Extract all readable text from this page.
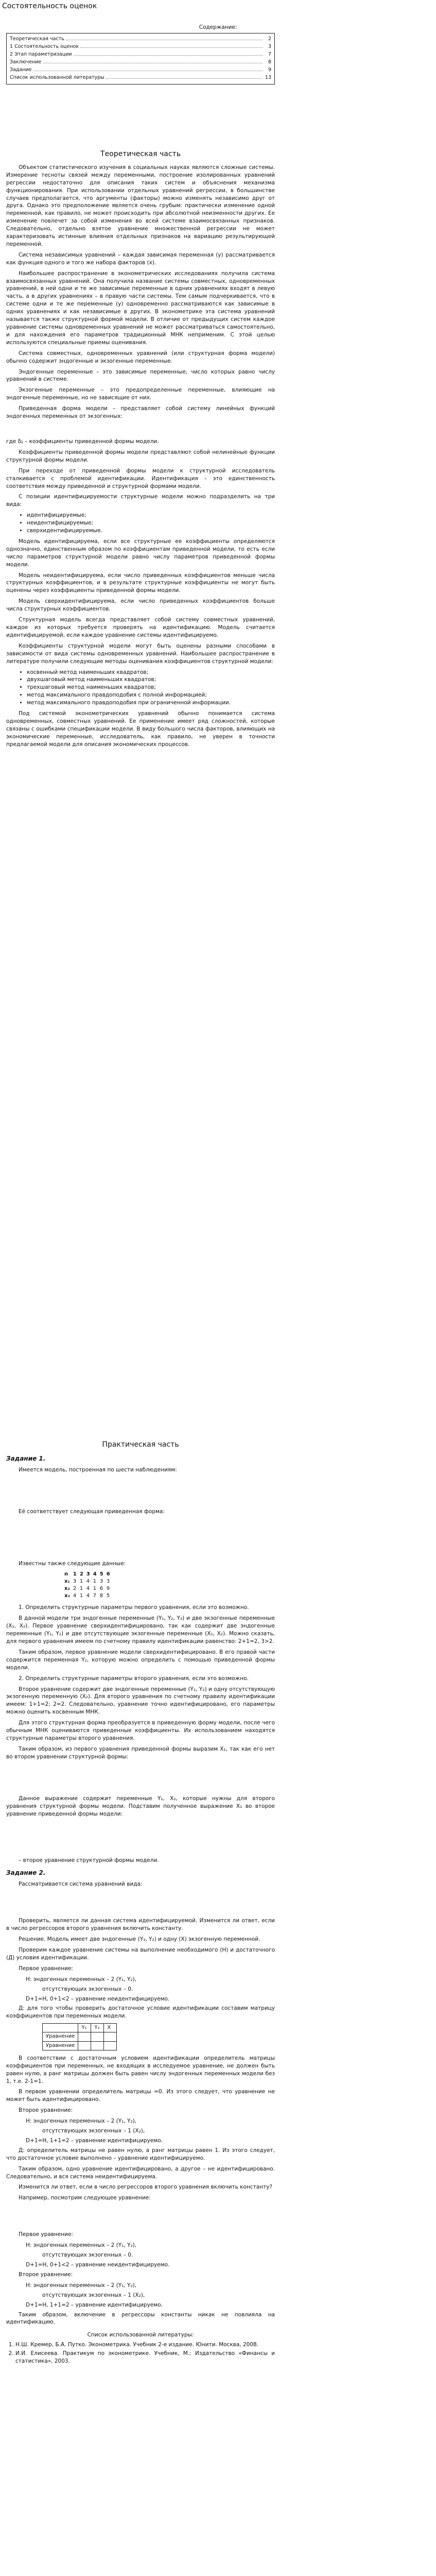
Состоятельность оценок
Содержание:
Теоретическая часть	2
1 Состоятельность оценок	3
2 Этап параметризации	7
Заключение	8
Задание	9
Список использованной литературы	13
Теоретическая часть

Объектом статистического изучения в социальных науках являются сложные системы. Измерение тесноты связей между переменными, построение изолированных уравнений регрессии недостаточно для описания таких систем и объяснения механизма функционирования. При использовании отдельных уравнений регрессии, в большинстве случаев предполагается, что аргументы (факторы) можно изменять независимо друг от друга. Однако это предположение является очень грубым: практически изменение одной переменной, как правило, не может происходить при абсолютной неизменности других. Ее изменение повлечет за собой изменения во всей системе взаимосвязанных признаков. Следовательно, отдельно взятое уравнение множественной регрессии не может характеризовать истинные влияния отдельных признаков на вариацию результирующей переменной.

Система независимых уравнений – каждая зависимая переменная (у) рассматривается как функция одного и того же набора факторов (х).

Наибольшее распространение в эконометрических исследованиях получила система взаимосвязанных уравнений. Она получила название системы совместных, одновременных уравнений, в ней одни и те же зависимые переменные в одних уравнениях входят в левую часть, а в других уравнениях – в правую части системы. Тем самым подчеркивается, что в системе одни и те же переменные (у) одновременно рассматриваются как зависимые в одних уравнениях и как независимые в других. В эконометрике эта система уравнений называется также структурной формой модели. В отличие от предыдущих систем каждое уравнение системы одновременных уравнений не может рассматриваться самостоятельно, и для нахождения его параметров традиционный МНК неприменим. С этой целью используются специальные приемы оценивания.

Система совместных, одновременных уравнений (или структурная форма модели) обычно содержит эндогенные и экзогенные переменные.

Эндогенные переменные – это зависимые переменные, число которых равно числу уравнений в системе.

Экзогенные переменные – это предопределенные переменные, влияющие на эндогенные переменные, но не зависящие от них.

Приведенная форма модели – представляет собой систему линейных функций эндогенных переменных от экзогенных:

где δᵢⱼ – коэффициенты приведенной формы модели.

Коэффициенты приведенной формы модели представляют собой нелинейные функции структурной формы модели.

При переходе от приведенной формы модели к структурной исследователь сталкивается с проблемой идентификации. Идентификация – это единственность соответствия между приведенной и структурной формами модели.

С позиции идентифицируемости структурные модели можно подразделить на три вида:

• идентифицируемые;
• неидентифицируемые;
• сверхидентифицируемые.

Модель идентифицируема, если все структурные ее коэффициенты определяются однозначно, единственным образом по коэффициентам приведенной модели, то есть если число параметров структурной модели равно числу параметров приведенной формы модели.

Модель неидентифицируема, если число приведенных коэффициентов меньше числа структурных коэффициентов, и в результате структурные коэффициенты не могут быть оценены через коэффициенты приведенной формы модели.

Модель сверхидентифицируема, если число приведенных коэффициентов больше числа структурных коэффициентов.

Структурная модель всегда представляет собой систему совместных уравнений, каждое из которых требуется проверять на идентификацию. Модель считается идентифицируемой, если каждое уравнение системы идентифицируемо.

Коэффициенты структурной модели могут быть оценены разными способами в зависимости от вида системы одновременных уравнений. Наибольшее распространение в литературе получили следующие методы оценивания коэффициентов структурной модели:

• косвенный метод наименьших квадратов;
• двухшаговый метод наименьших квадратов;
• трехшаговый метод наименьших квадратов;
• метод максимального правдоподобия с полной информацией;
• метод максимального правдоподобия при ограниченной информации.

Под системой эконометрических уравнений обычно понимается система одновременных, совместных уравнений. Ее применение имеет ряд сложностей, которые связаны с ошибками спецификации модели. В виду большого числа факторов, влияющих на экономические переменные, исследователь, как правило, не уверен в точности предлагаемой модели для описания экономических процессов.

Практическая часть

Задание 1.

Имеется модель, построенная по шести наблюдениям:

Её соответствует следующая приведенная форма:

Известны также следующие данные:

n	1	2	3	4	5	6
x₁	3	1	4	1	3	3
x₂	2	1	4	1	6	9
x₃	4	1	4	7	8	5

1. Определить структурные параметры первого уравнения, если это возможно.

В данной модели три эндогенные переменные (Y₁, Y₂, Y₃) и две экзогенные переменные (X₁, X₂). Первое уравнение сверхидентифицировано, так как содержит две эндогенные переменные (Y₁, Y₂) и две отсутствующие экзогенные переменные (X₁, X₂). Можно сказать, для первого уравнения имеем по счетному правилу идентификации равенство: 2+1=2, 3>2.

Таким образом, первое уравнение модели сверхидентифицировано. В его правой части содержится переменная Y₂, которую можно определить с помощью приведенной формы модели.

2. Определить структурные параметры второго уравнения, если это возможно.

Второе уравнение содержит две эндогенные переменные (Y₁, Y₂) и одну отсутствующую экзогенную переменную (X₂). Для второго уравнения по счетному правилу идентификации имеем: 1+1=2; 2=2. Следовательно, уравнение точно идентифицировано, его параметры можно оценить косвенным МНК.

Для этого структурная форма преобразуется в приведенную форму модели, после чего обычным МНК оцениваются приведенные коэффициенты. Их использованием находятся структурные параметры второго уравнения.

Таким образом, из первого уравнения приведенной формы выразим X₁, так как его нет во втором уравнении структурной формы:

Данное выражение содержит переменные Y₁, X₂, которые нужны для второго уравнения структурной формы модели. Подставим полученное выражение X₁ во второе уравнение приведенной формы модели:

– второе уравнение структурной формы модели.

Задание 2.

Рассматривается система уравнений вида:

Проверить, является ли данная система идентифицируемой. Изменится ли ответ, если в число регрессоров второго уравнения включить константу.

Решение. Модель имеет две эндогенные (Y₁, Y₂) и одну (X) экзогенную переменной.

Проверим каждое уравнение системы на выполнение необходимого (Н) и достаточного (Д) условия идентификации.

Первое уравнение:

Н: эндогенных переменных – 2 (Y₁, Y₂),

отсутствующих экзогенных – 0.

D+1=H, 0+1<2 – уравнение неидентифицируемо.

Д: для того чтобы проверить достаточное условие идентификации составим матрицу коэффициентов при переменных модели.

	Y₁	Y₂	X
Уравнение			
Уравнение			

В соответствии с достаточным условием идентификации определитель матрицы коэффициентов при переменных, не входящих в исследуемое уравнение, не должен быть равен нулю, а ранг матрицы должен быть равен числу эндогенных переменных модели без 1, т.е. 2-1=1.

В первом уравнении определитель матрицы =0. Из этого следует, что уравнение не может быть идентифицировано.

Второе уравнение:

Н: эндогенных переменных – 2 (Y₁, Y₂),

отсутствующих экзогенных – 1 (X₂),

D+1=H, 1+1=2 – уравнение идентифицируемо.

Д: определитель матрицы не равен нулю, а ранг матрицы равен 1. Из этого следует, что достаточное условие выполнено – уравнение идентифицируемо.

Таким образом, одно уравнение идентифицировано, а другое – не идентифицировано. Следовательно, и вся система неидентифицируема.

Изменится ли ответ, если в число регрессоров второго уравнения включить константу?

Например, посмотрим следующее уравнение:

Первое уравнение:

Н: эндогенных переменных – 2 (Y₁, Y₂),

отсутствующих экзогенных – 0.

D+1=H, 0+1<2 – уравнение неидентифицируемо.

Второе уравнение:

Н: эндогенных переменных – 2 (Y₁, Y₂),

отсутствующих экзогенных – 1 (X₂),

D+1=H, 1+1=2 – уравнение идентифицируемо.

Таким образом, включение в регрессоры константы никак не повлияла на идентификацию.

Список использованной литературы:
1. Н.Ш. Кремер, Б.А. Путко. Эконометрика. Учебник 2-е издание. Юнити. Москва, 2008.
2. И.И. Елисеева. Практикум по эконометрике. Учебник, М.: Издательство «Финансы и статистика», 2003.
